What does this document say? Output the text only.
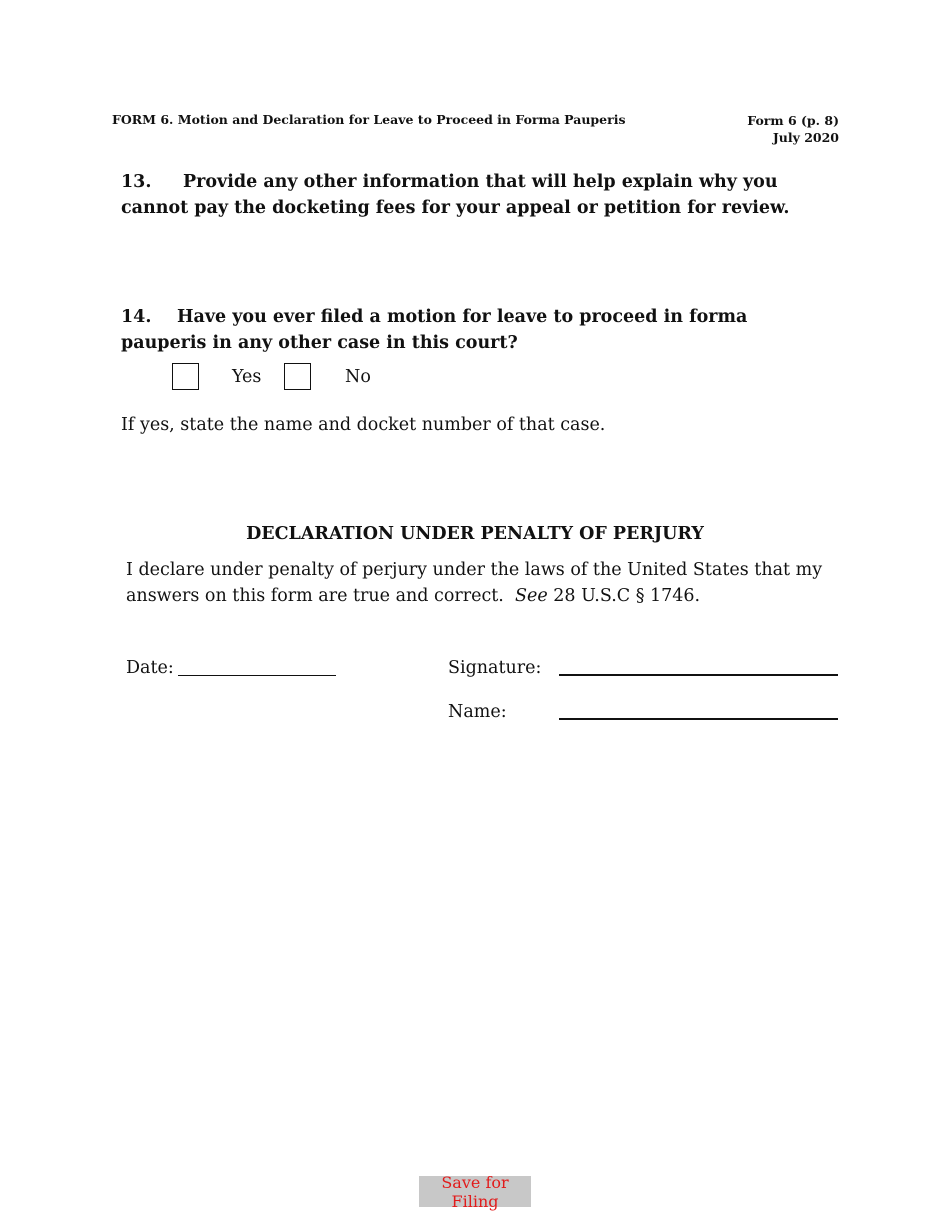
FORM 6. Motion and Declaration for Leave to Proceed in Forma Pauperis	Form 6 (p. 8)
July 2020
13. Provide any other information that will help explain why you cannot pay the docketing fees for your appeal or petition for review.
14. Have you ever filed a motion for leave to proceed in forma pauperis in any other case in this court?
Yes	No
If yes, state the name and docket number of that case.
DECLARATION UNDER PENALTY OF PERJURY
I declare under penalty of perjury under the laws of the United States that my answers on this form are true and correct. See 28 U.S.C § 1746.
Date:	Signature:
Name:
Save for Filing
